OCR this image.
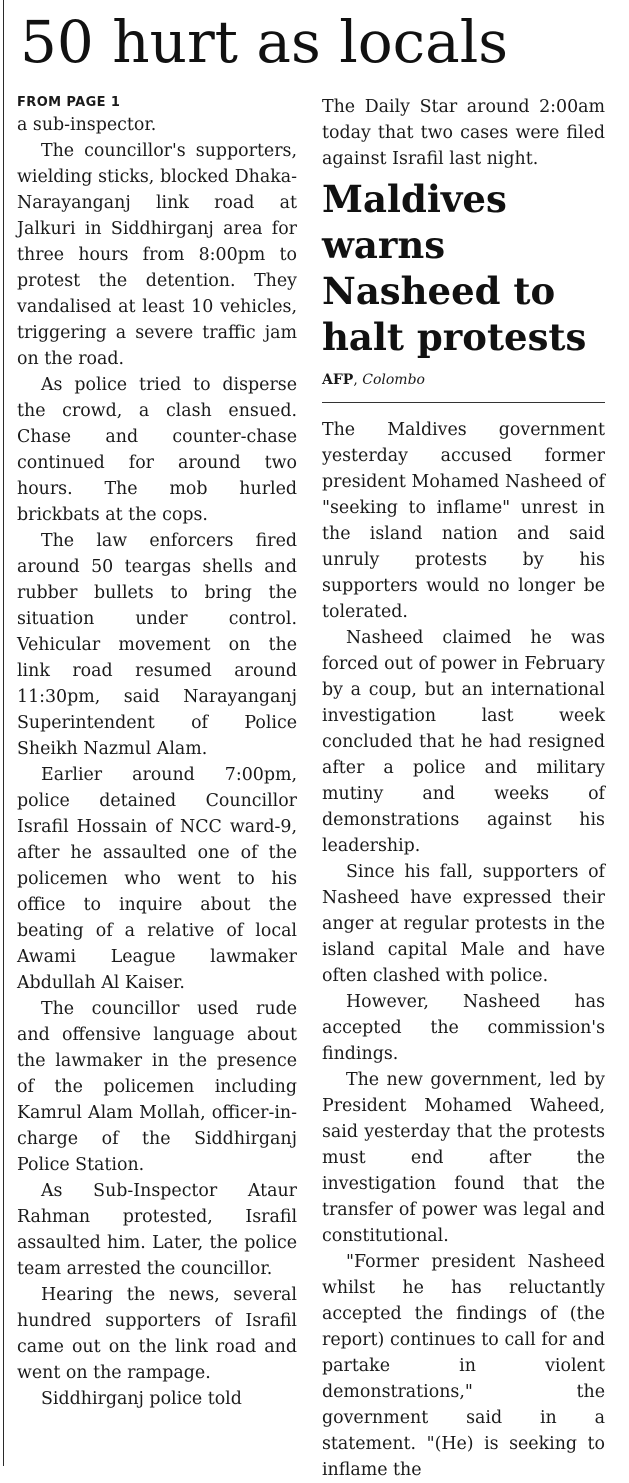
50 hurt as locals
FROM PAGE 1

a sub-inspector.

The councillor's supporters, wielding sticks, blocked Dhaka-Narayanganj link road at Jalkuri in Siddhirganj area for three hours from 8:00pm to protest the detention. They vandalised at least 10 vehicles, triggering a severe traffic jam on the road.

As police tried to disperse the crowd, a clash ensued. Chase and counter-chase continued for around two hours. The mob hurled brickbats at the cops.

The law enforcers fired around 50 teargas shells and rubber bullets to bring the situation under control. Vehicular movement on the link road resumed around 11:30pm, said Narayanganj Superintendent of Police Sheikh Nazmul Alam.

Earlier around 7:00pm, police detained Councillor Israfil Hossain of NCC ward-9, after he assaulted one of the policemen who went to his office to inquire about the beating of a relative of local Awami League lawmaker Abdullah Al Kaiser.

The councillor used rude and offensive language about the lawmaker in the presence of the policemen including Kamrul Alam Mollah, officer-in-charge of the Siddhirganj Police Station.

As Sub-Inspector Ataur Rahman protested, Israfil assaulted him. Later, the police team arrested the councillor.

Hearing the news, several hundred supporters of Israfil came out on the link road and went on the rampage.

Siddhirganj police told

The Daily Star around 2:00am today that two cases were filed against Israfil last night.

Maldives warns Nasheed to halt protests
AFP, Colombo

The Maldives government yesterday accused former president Mohamed Nasheed of "seeking to inflame" unrest in the island nation and said unruly protests by his supporters would no longer be tolerated.

Nasheed claimed he was forced out of power in February by a coup, but an international investigation last week concluded that he had resigned after a police and military mutiny and weeks of demonstrations against his leadership.

Since his fall, supporters of Nasheed have expressed their anger at regular protests in the island capital Male and have often clashed with police.

However, Nasheed has accepted the commission's findings.

The new government, led by President Mohamed Waheed, said yesterday that the protests must end after the investigation found that the transfer of power was legal and constitutional.

"Former president Nasheed whilst he has reluctantly accepted the findings of (the report) continues to call for and partake in violent demonstrations," the government said in a statement. "(He) is seeking to inflame the
